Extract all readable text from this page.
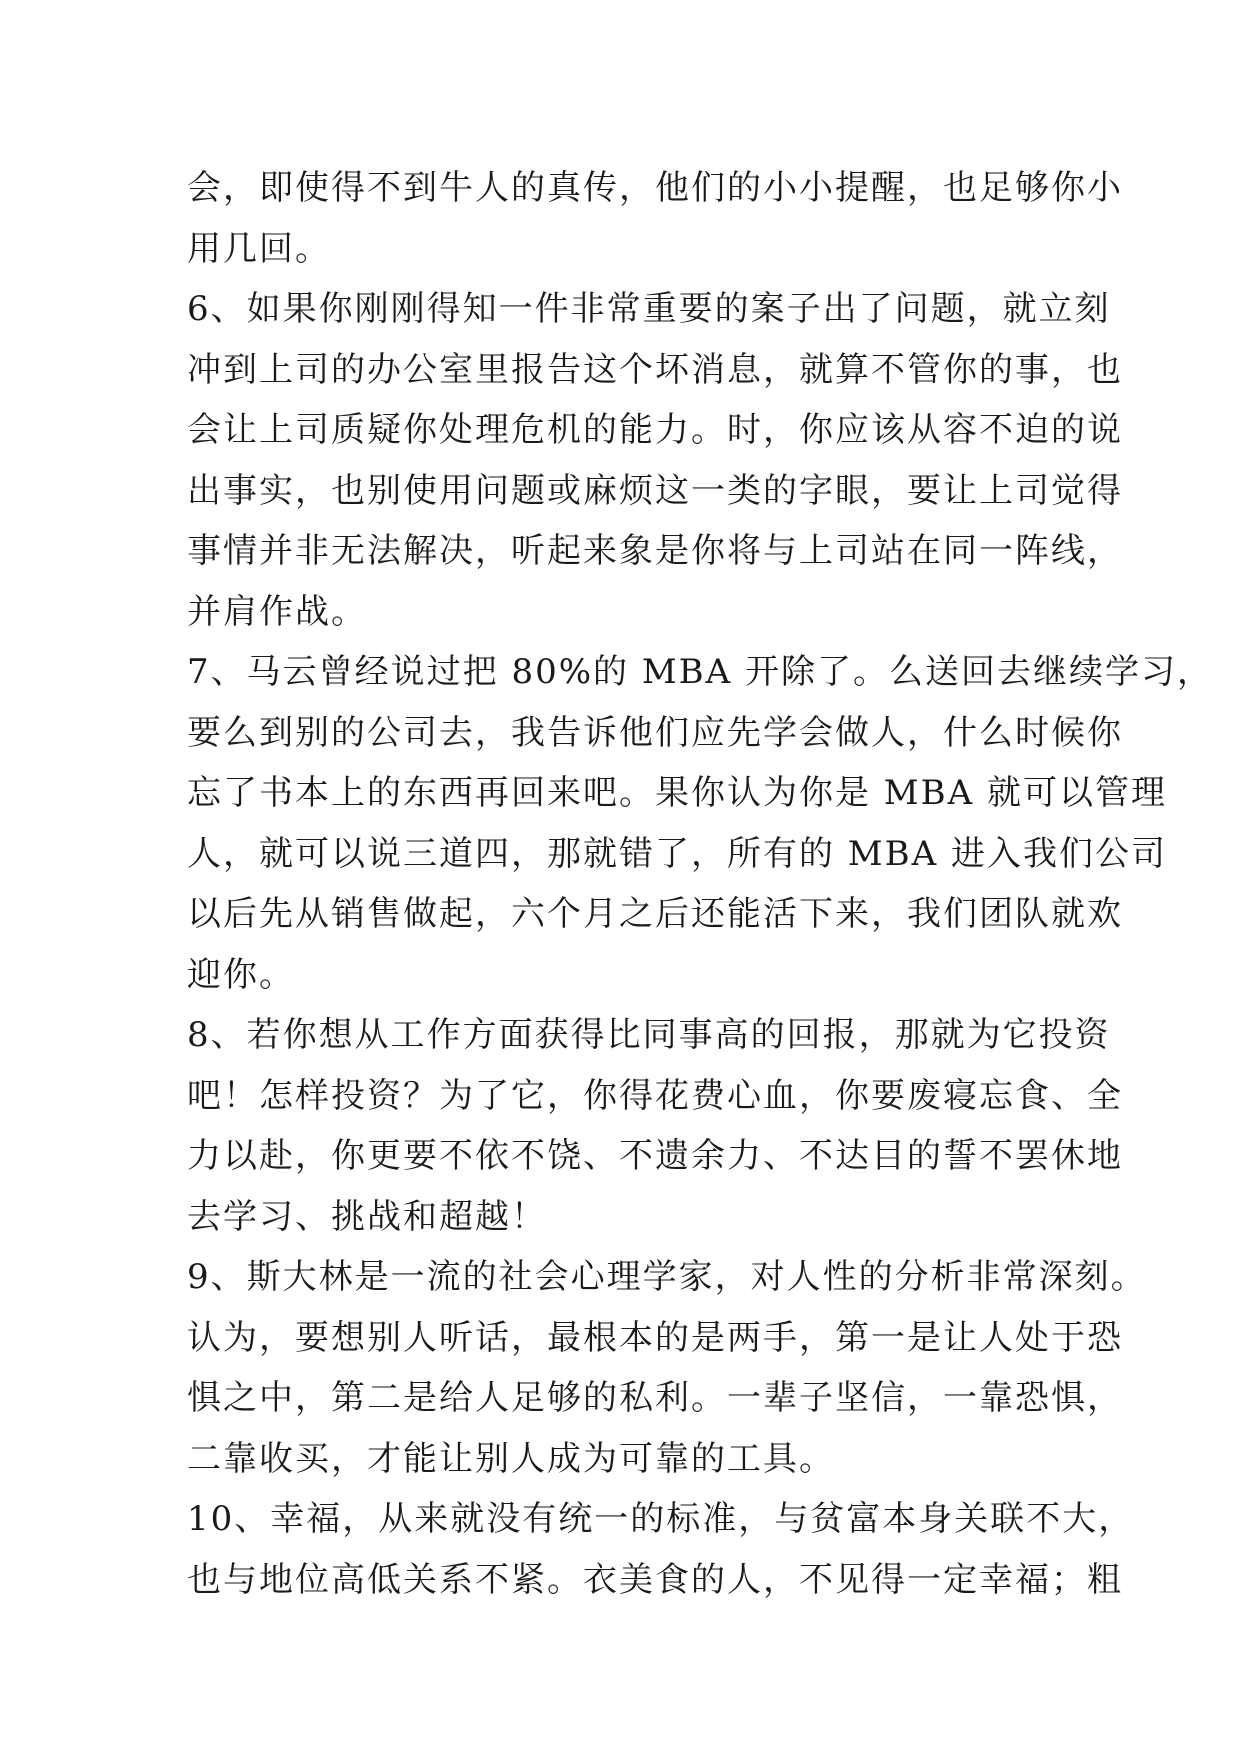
会，即使得不到牛人的真传，他们的小小提醒，也足够你小
用几回。
6、如果你刚刚得知一件非常重要的案子出了问题，就立刻
冲到上司的办公室里报告这个坏消息，就算不管你的事，也
会让上司质疑你处理危机的能力。时，你应该从容不迫的说
出事实，也别使用问题或麻烦这一类的字眼，要让上司觉得
事情并非无法解决，听起来象是你将与上司站在同一阵线，
并肩作战。
7、马云曾经说过把 80%的 MBA 开除了。么送回去继续学习，
要么到别的公司去，我告诉他们应先学会做人，什么时候你
忘了书本上的东西再回来吧。果你认为你是 MBA 就可以管理
人，就可以说三道四，那就错了，所有的 MBA 进入我们公司
以后先从销售做起，六个月之后还能活下来，我们团队就欢
迎你。
8、若你想从工作方面获得比同事高的回报，那就为它投资
吧！怎样投资？为了它，你得花费心血，你要废寝忘食、全
力以赴，你更要不依不饶、不遗余力、不达目的誓不罢休地
去学习、挑战和超越！
9、斯大林是一流的社会心理学家，对人性的分析非常深刻。
认为，要想别人听话，最根本的是两手，第一是让人处于恐
惧之中，第二是给人足够的私利。一辈子坚信，一靠恐惧，
二靠收买，才能让别人成为可靠的工具。
10、幸福，从来就没有统一的标准，与贫富本身关联不大，
也与地位高低关系不紧。衣美食的人，不见得一定幸福；粗
